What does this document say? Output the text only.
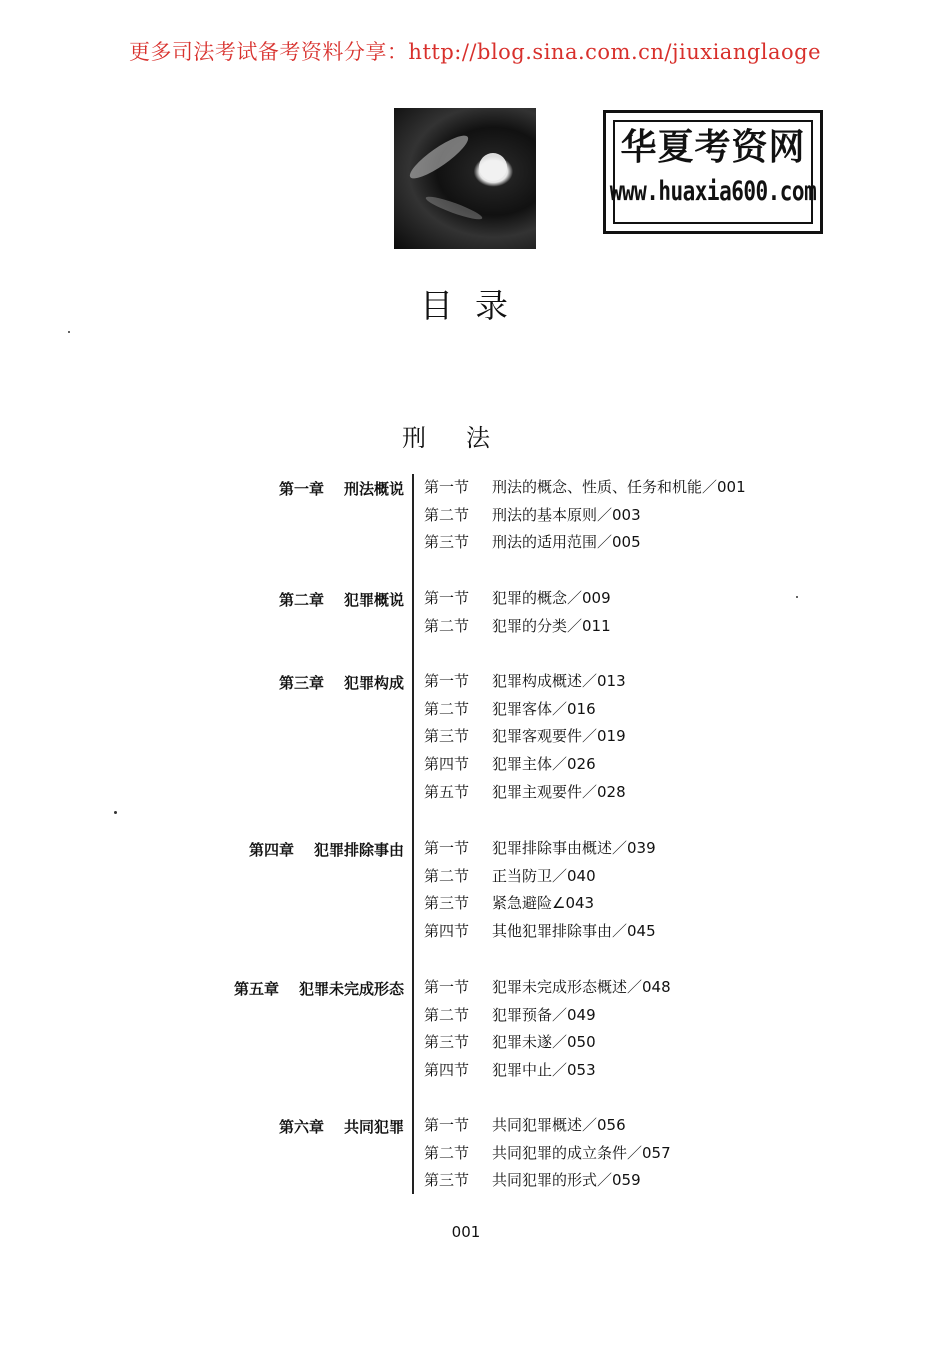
更多司法考试备考资料分享：http://blog.sina.com.cn/jiuxianglaoge
华夏考资网
www.huaxia600.com
目录
刑法
第一章 刑法概说 第一节 刑法的概念、性质、任务和机能／001
第二节 刑法的基本原则／003
第三节 刑法的适用范围／005
第二章 犯罪概说 第一节 犯罪的概念／009
第二节 犯罪的分类／011
第三章 犯罪构成 第一节 犯罪构成概述／013
第二节 犯罪客体／016
第三节 犯罪客观要件／019
第四节 犯罪主体／026
第五节 犯罪主观要件／028
第四章 犯罪排除事由 第一节 犯罪排除事由概述／039
第二节 正当防卫／040
第三节 紧急避险∠043
第四节 其他犯罪排除事由／045
第五章 犯罪未完成形态 第一节 犯罪未完成形态概述／048
第二节 犯罪预备／049
第三节 犯罪未遂／050
第四节 犯罪中止／053
第六章 共同犯罪 第一节 共同犯罪概述／056
第二节 共同犯罪的成立条件／057
第三节 共同犯罪的形式／059
001
